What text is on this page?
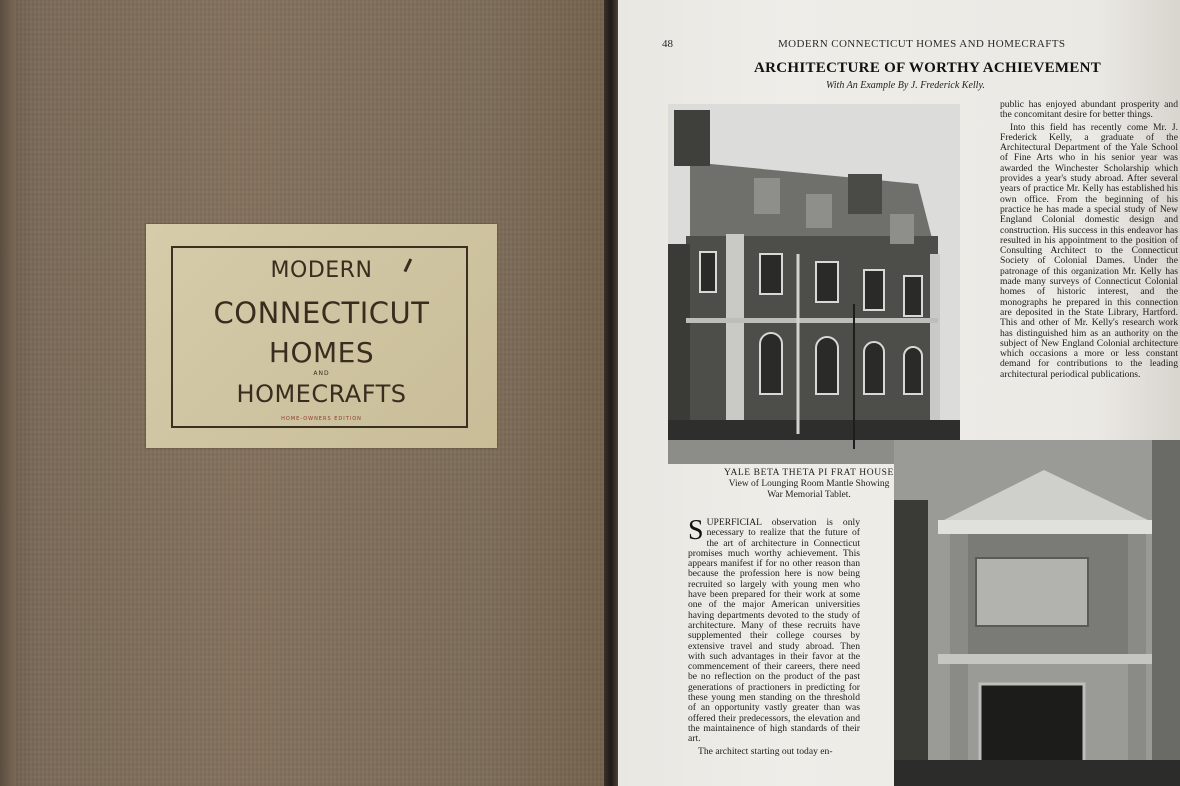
MODERN
CONNECTICUT
HOMES
AND
HOMECRAFTS
HOME-OWNERS EDITION
48	MODERN CONNECTICUT HOMES AND HOMECRAFTS
ARCHITECTURE OF WORTHY ACHIEVEMENT
With An Example By J. Frederick Kelly.
YALE BETA THETA PI FRAT HOUSE
View of Lounging Room Mantle Showing
War Memorial Tablet.

public has enjoyed abundant prosperity and the concomitant desire for better things.

Into this field has recently come Mr. J. Frederick Kelly, a graduate of the Architectural Department of the Yale School of Fine Arts who in his senior year was awarded the Winchester Scholarship which provides a year's study abroad. After several years of practice Mr. Kelly has established his own office. From the beginning of his practice he has made a special study of New England Colonial domestic design and construction. His success in this endeavor has resulted in his appointment to the position of Consulting Architect to the Connecticut Society of Colonial Dames. Under the patronage of this organization Mr. Kelly has made many surveys of Connecticut Colonial homes of historic interest, and the monographs he prepared in this connection are deposited in the State Library, Hartford. This and other of Mr. Kelly's research work has distinguished him as an authority on the subject of New England Colonial architecture which occasions a more or less constant demand for contributions to the leading architectural periodical publications.

SUPERFICIAL observation is only necessary to realize that the future of the art of architecture in Connecticut promises much worthy achievement. This appears manifest if for no other reason than because the profession here is now being recruited so largely with young men who have been prepared for their work at some one of the major American universities having departments devoted to the study of architecture. Many of these recruits have supplemented their college courses by extensive travel and study abroad. Then with such advantages in their favor at the commencement of their careers, there need be no reflection on the product of the past generations of practioners in predicting for these young men standing on the threshold of an opportunity vastly greater than was offered their predecessors, the elevation and the maintainence of high standards of their art.

The architect starting out today en-
